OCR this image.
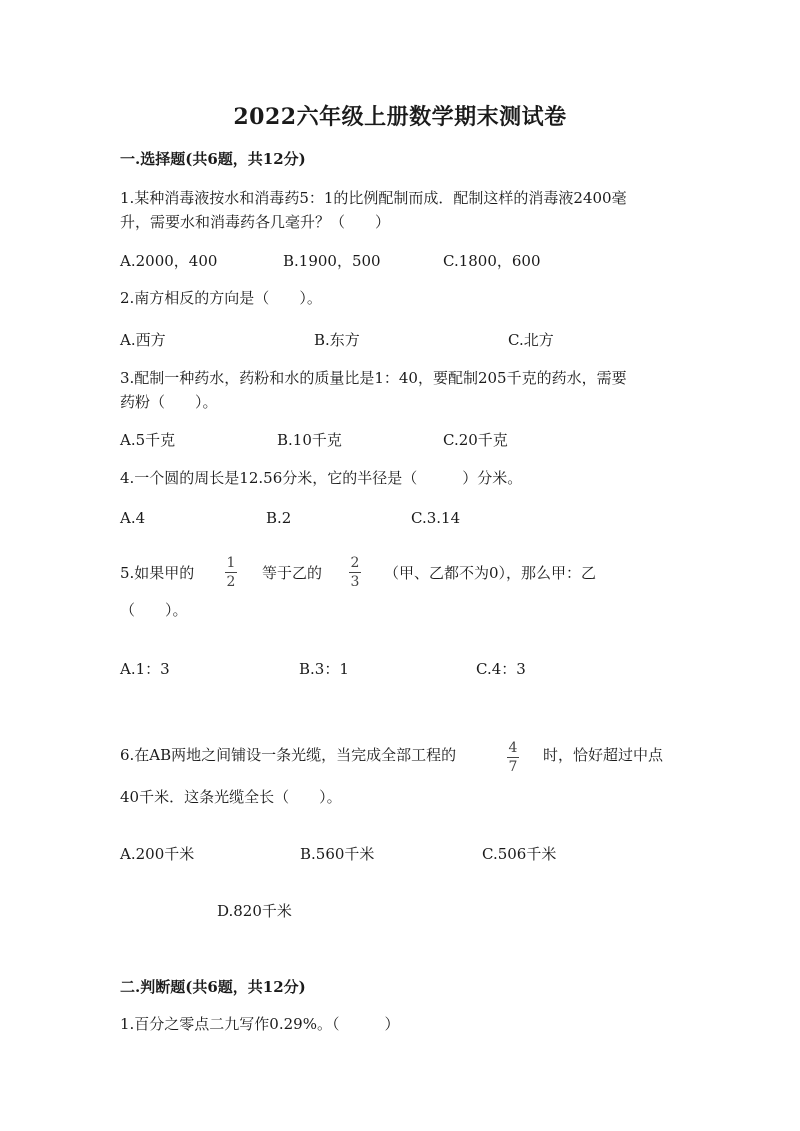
2022六年级上册数学期末测试卷
一.选择题(共6题，共12分)
1.某种消毒液按水和消毒药5：1的比例配制而成．配制这样的消毒液2400毫
升，需要水和消毒药各几毫升？（　　）
A.2000，400	B.1900，500	C.1800，600
2.南方相反的方向是（　　）。
A.西方	B.东方	C.北方
3.配制一种药水，药粉和水的质量比是1：40，要配制205千克的药水，需要
药粉（　　）。
A.5千克	B.10千克	C.20千克
4.一个圆的周长是12.56分米，它的半径是（　　　）分米。
A.4	B.2	C.3.14
5.如果甲的
1
2 等于乙的
2
3 （甲、乙都不为0），那么甲：乙
（　　）。
A.1：3	B.3：1	C.4：3
6.在AB两地之间铺设一条光缆，当完成全部工程的	4
7
时，恰好超过中点
40千米．这条光缆全长（　　）。
A.200千米	B.560千米	C.506千米
D.820千米
二.判断题(共6题，共12分)
1.百分之零点二九写作0.29%。（　　　）
